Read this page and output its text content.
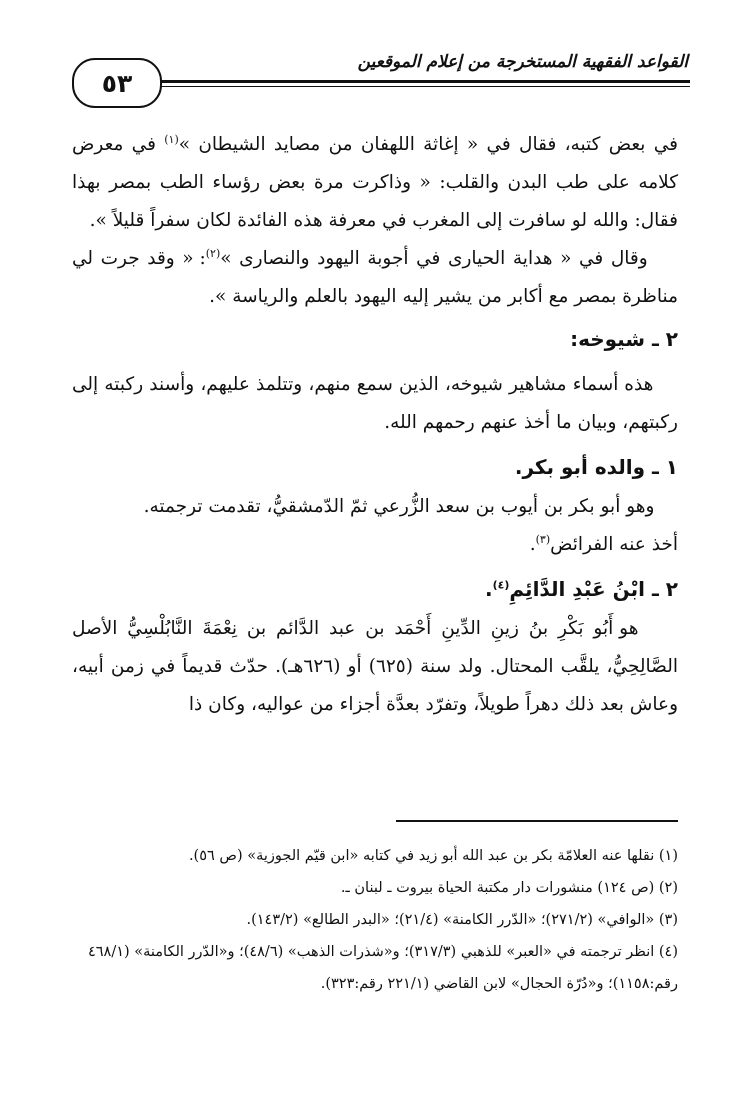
القواعد الفقهية المستخرجة من إعلام الموقعين
٥٣

في بعض كتبه، فقال في « إغاثة اللهفان من مصايد الشيطان »$^{(١)}$ في معرض كلامه على طب البدن والقلب: « وذاكرت مرة بعض رؤساء الطب بمصر بهذا فقال: والله لو سافرت إلى المغرب في معرفة هذه الفائدة لكان سفراً قليلاً ».

وقال في « هداية الحيارى في أجوبة اليهود والنصارى »$^{(٢)}$: « وقد جرت لي مناظرة بمصر مع أكابر من يشير إليه اليهود بالعلم والرياسة ».

٢ ـ شيوخه:

هذه أسماء مشاهير شيوخه، الذين سمع منهم، وتتلمذ عليهم، وأسند ركبته إلى ركبتهم، وبيان ما أخذ عنهم رحمهم الله.

١ ـ والده أبو بكر.

وهو أبو بكر بن أيوب بن سعد الزُّرعي ثمّ الدّمشقيُّ، تقدمت ترجمته.

أخذ عنه الفرائض$^{(٣)}$.

٢ ـ ابْنُ عَبْدِ الدَّائِمِ$^{(٤)}$.

هو أَبُو بَكْرِ بنُ زينِ الدِّينِ أَحْمَد بن عبد الدَّائم بن نِعْمَةَ النَّابُلْسِيُّ الأصل الصَّالِحِيُّ، يلقَّب المحتال. ولد سنة (٦٢٥) أو (٦٢٦هـ). حدّث قديماً في زمن أبيه، وعاش بعد ذلك دهراً طويلاً، وتفرّد بعدَّة أجزاء من عواليه، وكان ذا

(١) نقلها عنه العلامّة بكر بن عبد الله أبو زيد في كتابه «ابن قيّم الجوزية» (ص ٥٦).

(٢) (ص ١٢٤) منشورات دار مكتبة الحياة بيروت ـ لبنان ـ.

(٣) «الوافي» (٢٧١/٢)؛ «الدّرر الكامنة» (٢١/٤)؛ «البدر الطالع» (١٤٣/٢).

(٤) انظر ترجمته في «العبر» للذهبي (٣١٧/٣)؛ و«شذرات الذهب» (٤٨/٦)؛ و«الدّرر الكامنة» (٤٦٨/١ رقم:١١٥٨)؛ و«دُرّة الحجال» لابن القاضي (٢٢١/١ رقم:٣٢٣).
